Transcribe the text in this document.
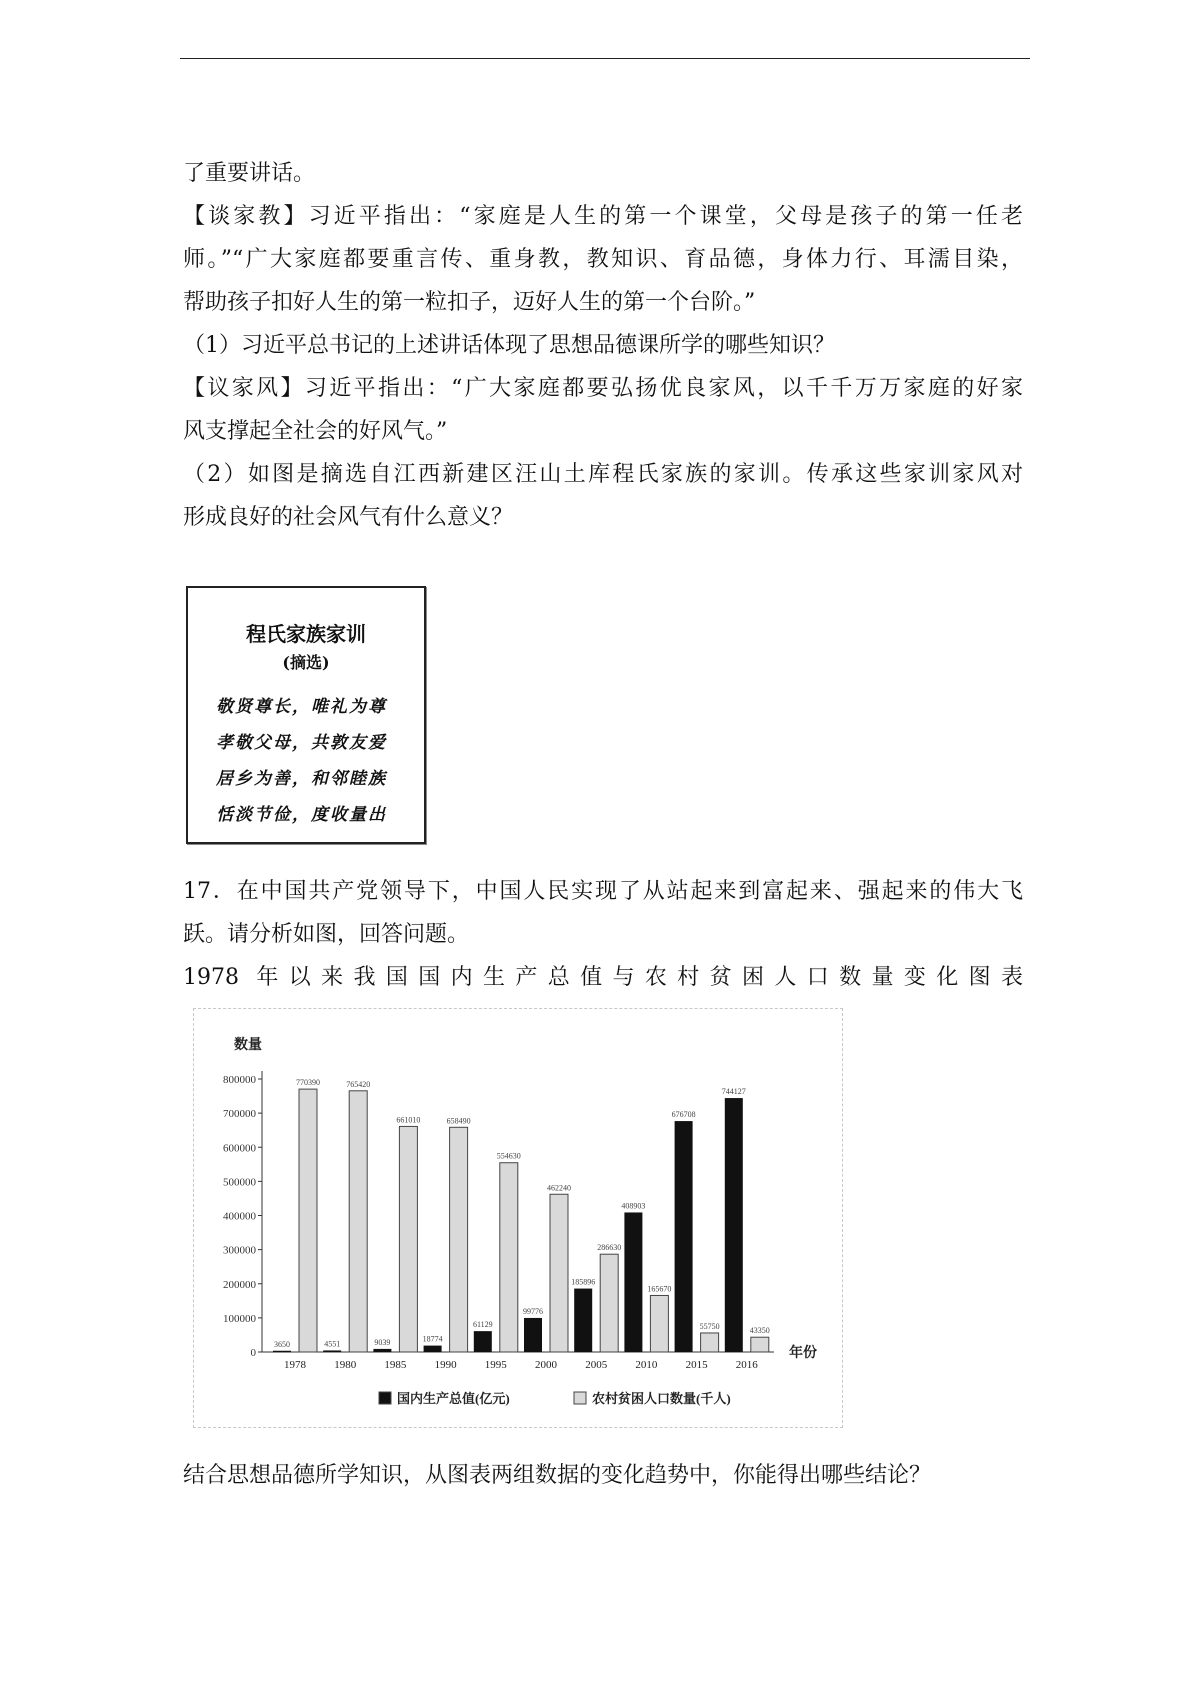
了重要讲话。

【谈家教】习近平指出：“家庭是人生的第一个课堂，父母是孩子的第一任老

师。”“广大家庭都要重言传、重身教，教知识、育品德，身体力行、耳濡目染，

帮助孩子扣好人生的第一粒扣子，迈好人生的第一个台阶。”

（1）习近平总书记的上述讲话体现了思想品德课所学的哪些知识？

【议家风】习近平指出：“广大家庭都要弘扬优良家风，以千千万万家庭的好家

风支撑起全社会的好风气。”

（2）如图是摘选自江西新建区汪山土库程氏家族的家训。传承这些家训家风对

形成良好的社会风气有什么意义？

程氏家族家训
(摘选)
敬贤尊长，唯礼为尊
孝敬父母，共敦友爱
居乡为善，和邻睦族
恬淡节俭，度收量出

17．在中国共产党领导下，中国人民实现了从站起来到富起来、强起来的伟大飞

跃。请分析如图，回答问题。

1978 年以来我国国内生产总值与农村贫困人口数量变化图表

0
100000
200000
300000
400000
500000
600000
700000
800000
数量
年份
3650
770390
1978
4551
765420
1980
9039
661010
1985
18774
658490
1990
61129
554630
1995
99776
462240
2000
185896
286630
2005
408903
165670
2010
676708
55750
2015
744127
43350
2016
国内生产总值(亿元)	农村贫困人口数量(千人)

结合思想品德所学知识，从图表两组数据的变化趋势中，你能得出哪些结论？
